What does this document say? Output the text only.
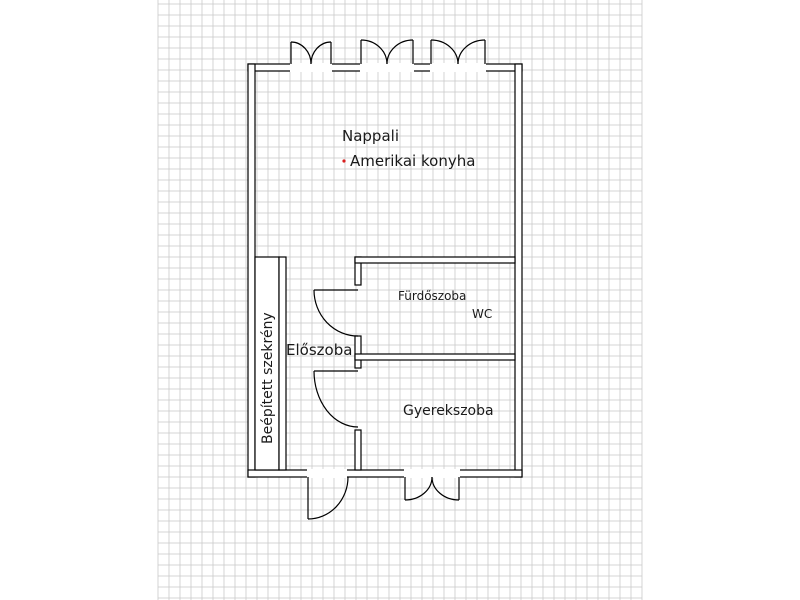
Nappali
Amerikai konyha
Fürdőszoba
WC
Előszoba
Gyerekszoba
Beépített szekrény
